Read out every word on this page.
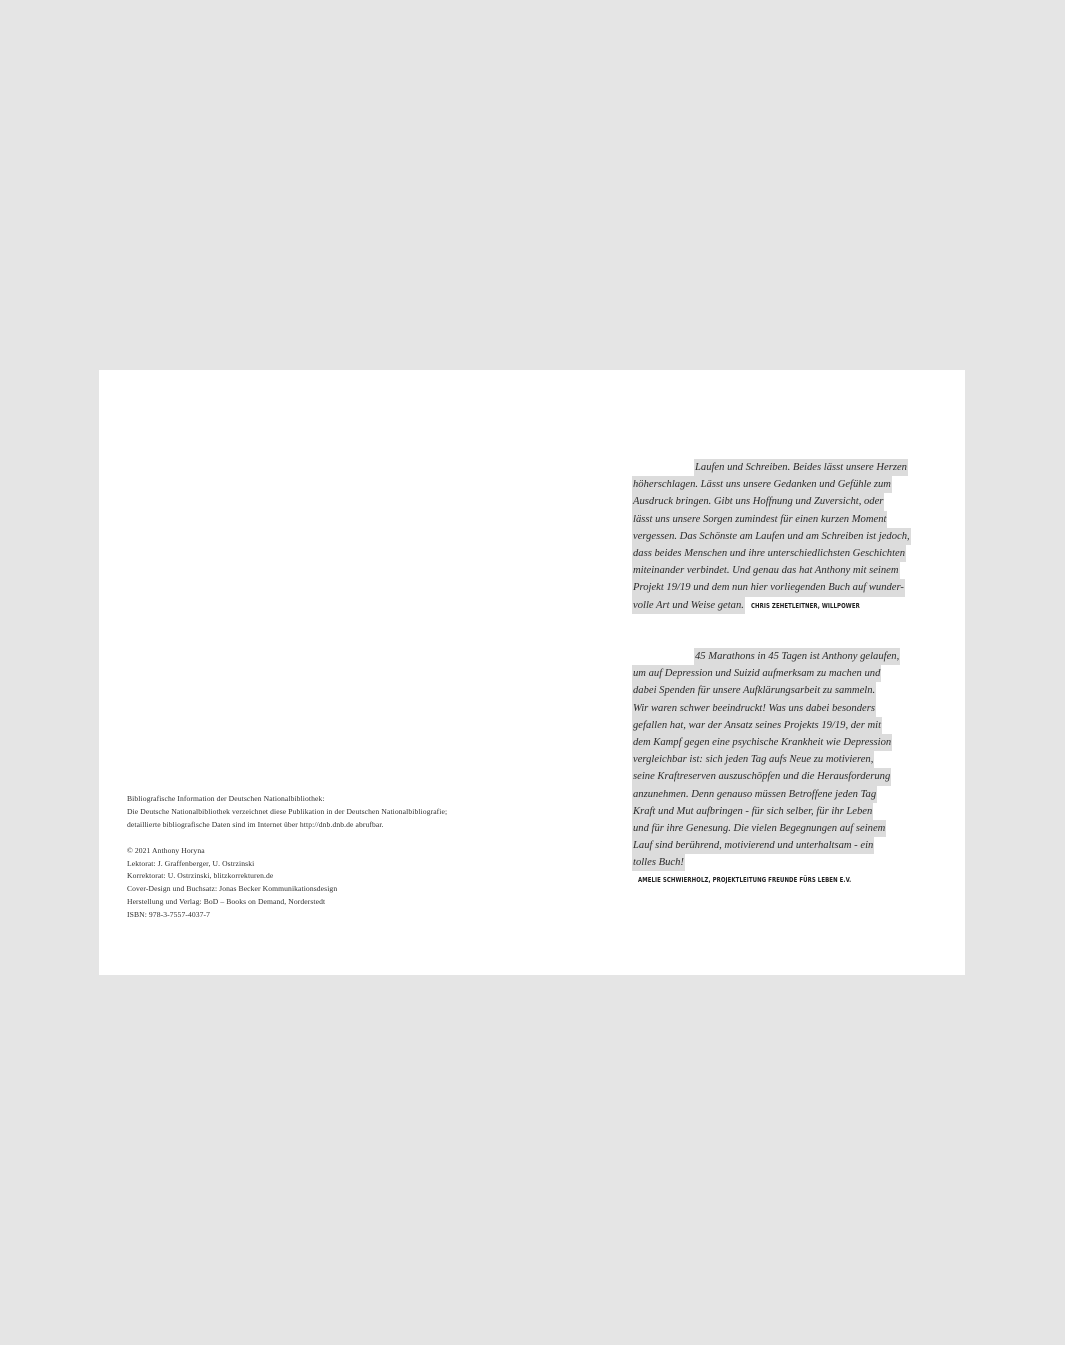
Bibliografische Information der Deutschen Nationalbibliothek:
Die Deutsche Nationalbibliothek verzeichnet diese Publikation in der Deutschen Nationalbibliografie;
detaillierte bibliografische Daten sind im Internet über http://dnb.dnb.de abrufbar.
© 2021 Anthony Horyna
Lektorat: J. Graffenberger, U. Ostrzinski
Korrektorat: U. Ostrzinski, blitzkorrekturen.de
Cover-Design und Buchsatz: Jonas Becker Kommunikationsdesign
Herstellung und Verlag: BoD – Books on Demand, Norderstedt
ISBN: 978-3-7557-4037-7
Laufen und Schreiben. Beides lässt unsere Herzen
höherschlagen. Lässt uns unsere Gedanken und Gefühle zum
Ausdruck bringen. Gibt uns Hoffnung und Zuversicht, oder
lässt uns unsere Sorgen zumindest für einen kurzen Moment
vergessen. Das Schönste am Laufen und am Schreiben ist jedoch,
dass beides Menschen und ihre unterschiedlichsten Geschichten
miteinander verbindet. Und genau das hat Anthony mit seinem
Projekt 19/19 und dem nun hier vorliegenden Buch auf wunder-
volle Art und Weise getan. CHRIS ZEHETLEITNER, WILLPOWER
45 Marathons in 45 Tagen ist Anthony gelaufen,
um auf Depression und Suizid aufmerksam zu machen und
dabei Spenden für unsere Aufklärungsarbeit zu sammeln.
Wir waren schwer beeindruckt! Was uns dabei besonders
gefallen hat, war der Ansatz seines Projekts 19/19, der mit
dem Kampf gegen eine psychische Krankheit wie Depression
vergleichbar ist: sich jeden Tag aufs Neue zu motivieren,
seine Kraftreserven auszuschöpfen und die Herausforderung
anzunehmen. Denn genauso müssen Betroffene jeden Tag
Kraft und Mut aufbringen - für sich selber, für ihr Leben
und für ihre Genesung. Die vielen Begegnungen auf seinem
Lauf sind berührend, motivierend und unterhaltsam - ein
tolles Buch!AMELIE SCHWIERHOLZ, PROJEKTLEITUNG FREUNDE FÜRS LEBEN E.V.
